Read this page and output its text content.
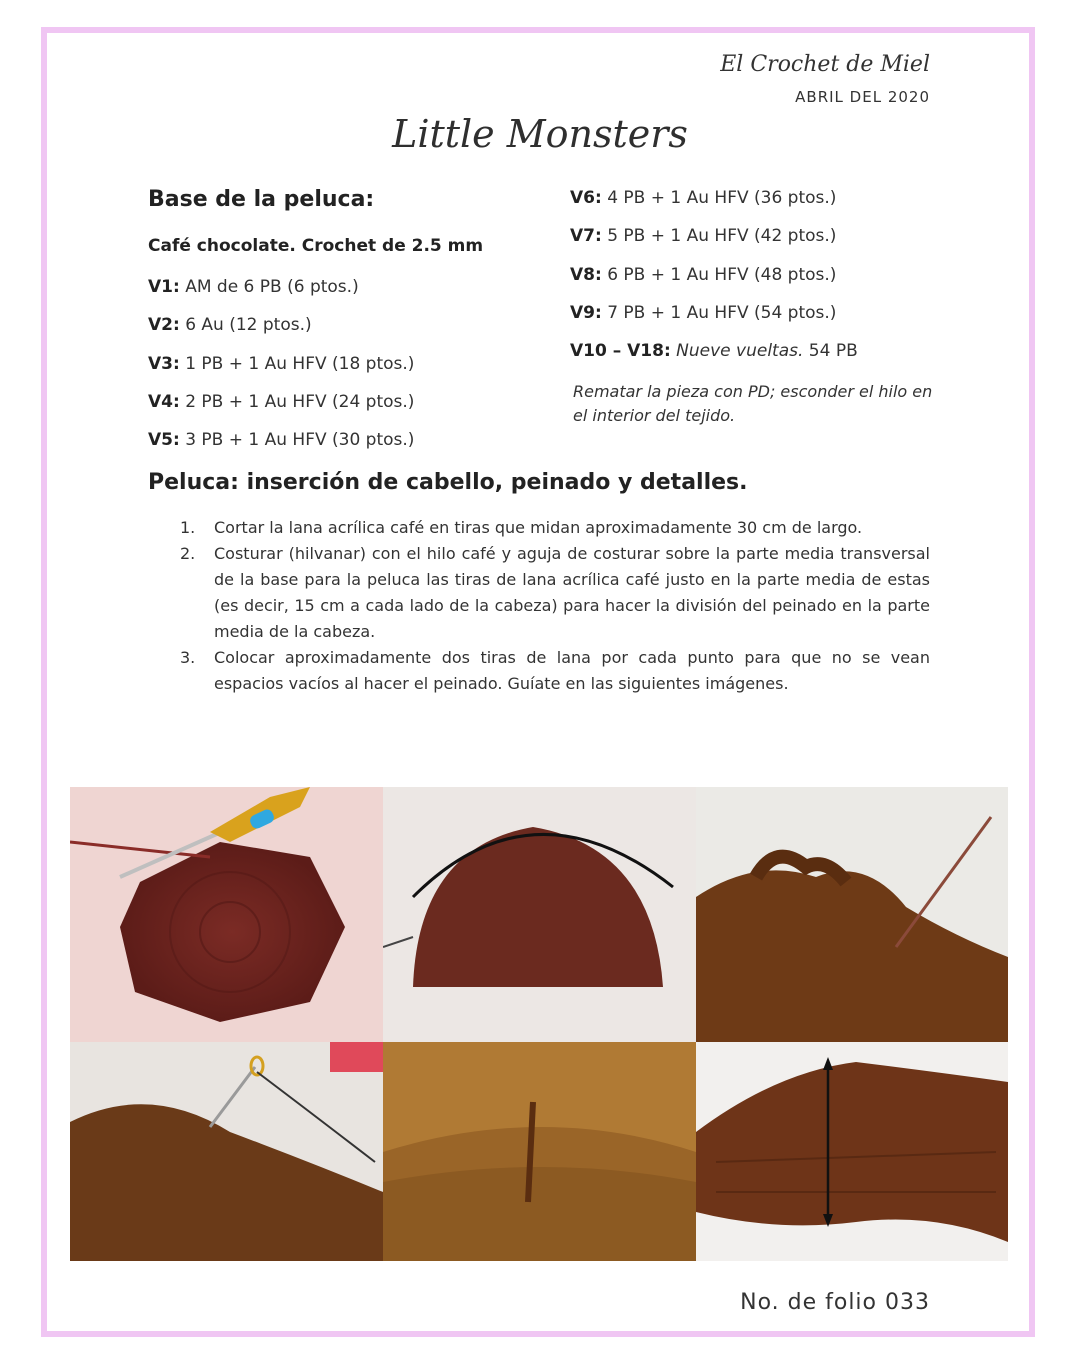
El Crochet de Miel
ABRIL DEL 2020
Little Monsters
Base de la peluca:
Café chocolate. Crochet de 2.5 mm
V1: AM de 6 PB (6 ptos.)
V2: 6 Au (12 ptos.)
V3: 1 PB + 1 Au HFV (18 ptos.)
V4: 2 PB + 1 Au HFV (24 ptos.)
V5: 3 PB + 1 Au HFV (30 ptos.)
V6: 4 PB + 1 Au HFV (36 ptos.)
V7: 5 PB + 1 Au HFV (42 ptos.)
V8: 6 PB + 1 Au HFV (48 ptos.)
V9: 7 PB + 1 Au HFV (54 ptos.)
V10 – V18: Nueve vueltas. 54 PB
Rematar la pieza con PD; esconder el hilo en el interior del tejido.
Peluca: inserción de cabello, peinado y detalles.
1. Cortar la lana acrílica café en tiras que midan aproximadamente 30 cm de largo.
2. Costurar (hilvanar) con el hilo café y aguja de costurar sobre la parte media transversal de la base para la peluca las tiras de lana acrílica café justo en la parte media de estas (es decir, 15 cm a cada lado de la cabeza) para hacer la división del peinado en la parte media de la cabeza.
3. Colocar aproximadamente dos tiras de lana por cada punto para que no se vean espacios vacíos al hacer el peinado. Guíate en las siguientes imágenes.
No. de folio 033
